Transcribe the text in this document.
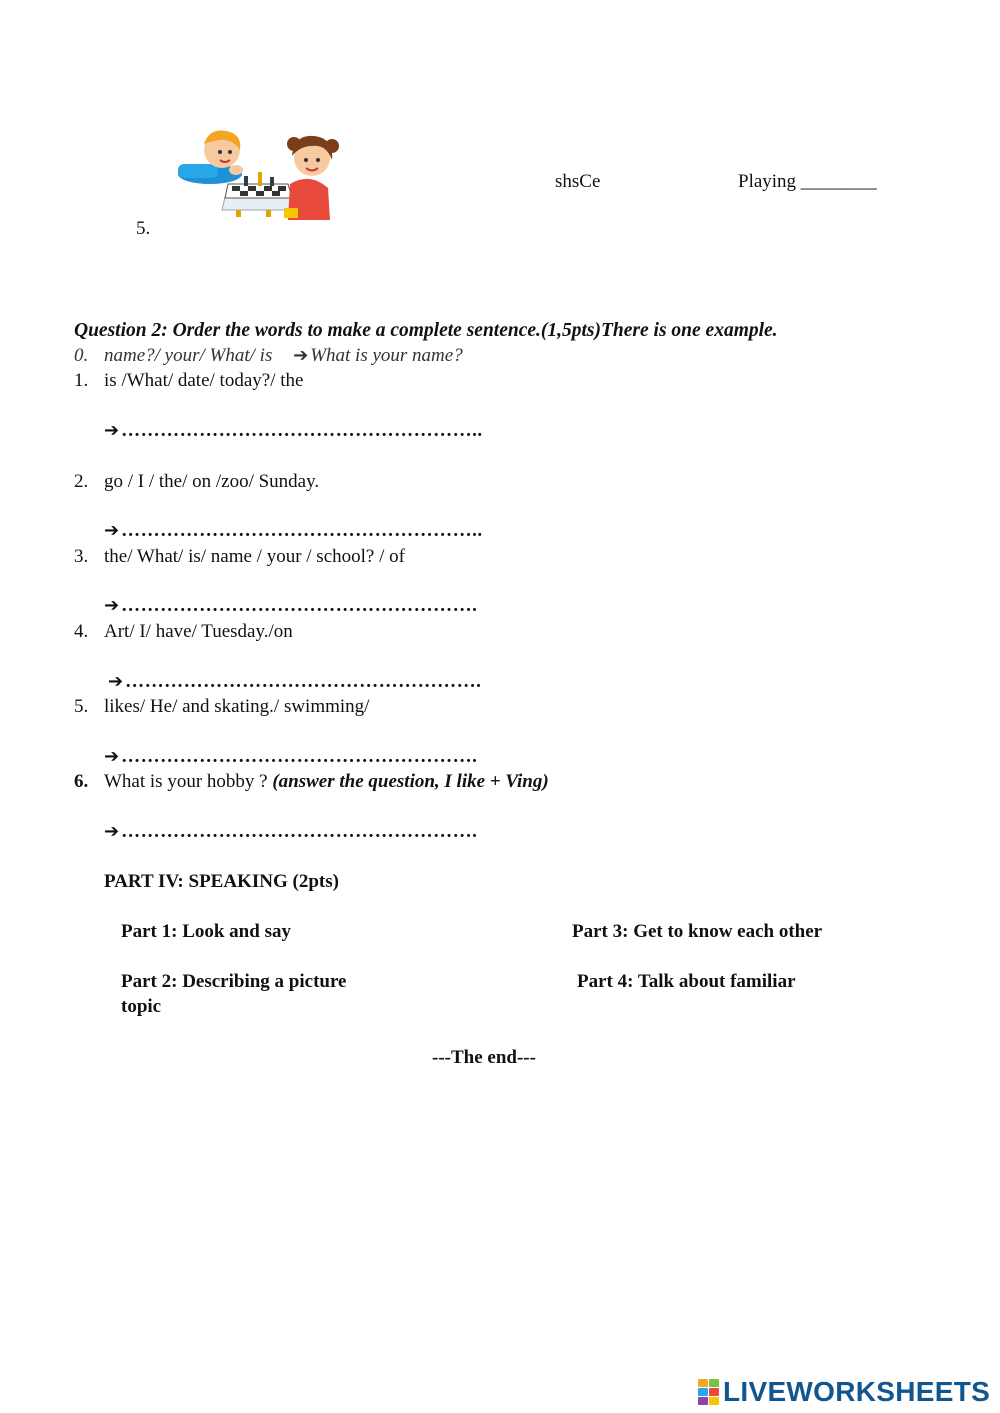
5.
shsCe	Playing ________
Question 2: Order the words to make a complete sentence.(1,5pts)There is one example.
0. name?/ your/ What/ is ➔ What is your name?
1. is /What/ date/ today?/ the
➔ ………………………………………………..
2. go / I / the/ on /zoo/ Sunday.
➔ ………………………………………………..
3. the/ What/ is/ name / your / school? / of
➔ ……………………………………………….
4. Art/ I/ have/ Tuesday./on
➔ ……………………………………………….
5. likes/ He/ and skating./ swimming/
➔ ……………………………………………….
6. What is your hobby ? (answer the question, I like + Ving)
➔ ……………………………………………….
PART IV: SPEAKING (2pts)
Part 1: Look and say	Part 3: Get to know each other
Part 2: Describing a picture	Part 4: Talk about familiar
topic
---The end---
LIVEWORKSHEETS
